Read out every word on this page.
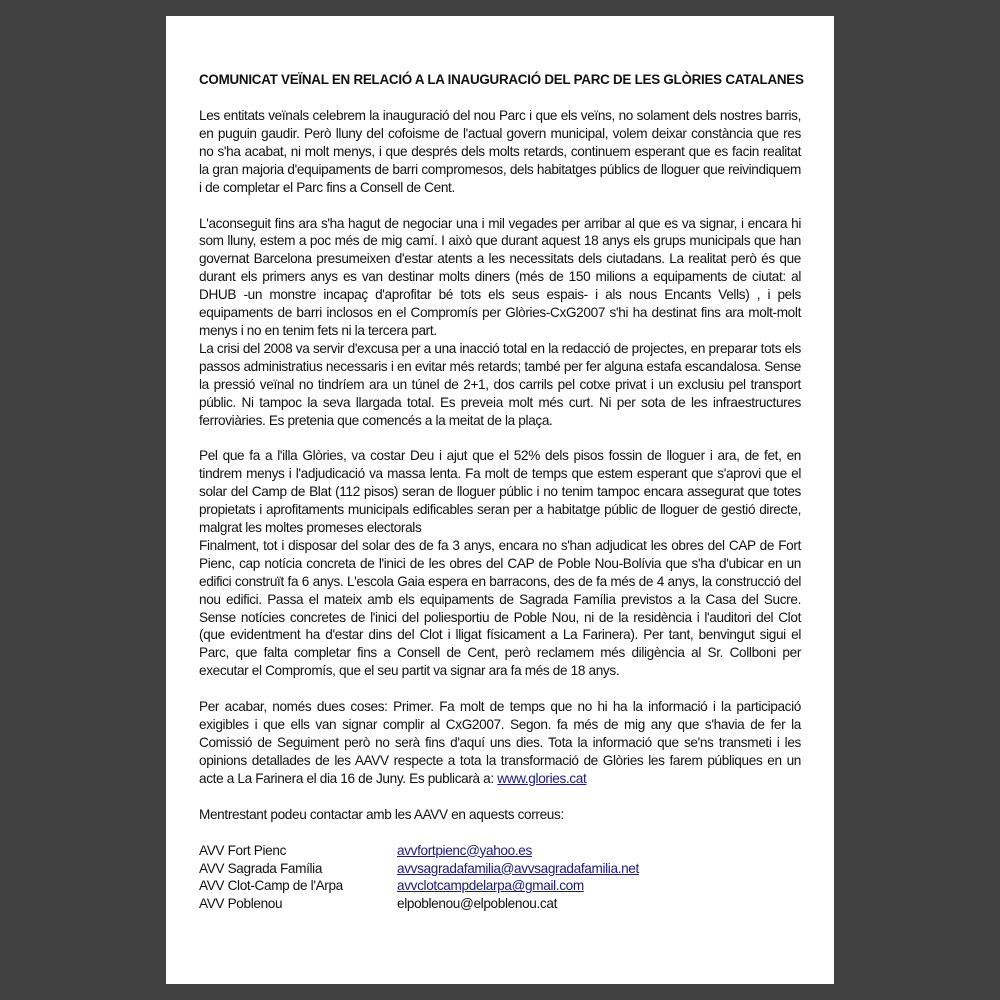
COMUNICAT VEÏNAL EN RELACIÓ A LA INAUGURACIÓ DEL PARC DE LES GLÒRIES CATALANES

Les entitats veïnals celebrem la inauguració del nou Parc i que els veïns, no solament dels nostres barris, en puguin gaudir. Però lluny del cofoisme de l'actual govern municipal, volem deixar constància que res no s'ha acabat, ni molt menys, i que després dels molts retards, continuem esperant que es facin realitat la gran majoria d'equipaments de barri compromesos, dels habitatges públics de lloguer que reivindiquem i de completar el Parc fins a Consell de Cent.

L'aconseguit fins ara s'ha hagut de negociar una i mil vegades per arribar al que es va signar, i encara hi som lluny, estem a poc més de mig camí. I això que durant aquest 18 anys els grups municipals que han governat Barcelona presumeixen d'estar atents a les necessitats dels ciutadans. La realitat però és que durant els primers anys es van destinar molts diners (més de 150 milions a equipaments de ciutat: al DHUB -un monstre incapaç d'aprofitar bé tots els seus espais- i als nous Encants Vells) , i pels equipaments de barri inclosos en el Compromís per Glòries-CxG2007 s'hi ha destinat fins ara molt-molt menys i no en tenim fets ni la tercera part.

La crisi del 2008 va servir d'excusa per a una inacció total en la redacció de projectes, en preparar tots els passos administratius necessaris i en evitar més retards; també per fer alguna estafa escandalosa. Sense la pressió veïnal no tindríem ara un túnel de 2+1, dos carrils pel cotxe privat i un exclusiu pel transport públic. Ni tampoc la seva llargada total. Es preveia molt més curt. Ni per sota de les infraestructures ferroviàries. Es pretenia que comencés a la meitat de la plaça.

Pel que fa a l'illa Glòries, va costar Deu i ajut que el 52% dels pisos fossin de lloguer i ara, de fet, en tindrem menys i l'adjudicació va massa lenta. Fa molt de temps que estem esperant que s'aprovi que el solar del Camp de Blat (112 pisos) seran de lloguer públic i no tenim tampoc encara assegurat que totes propietats i aprofitaments municipals edificables seran per a habitatge públic de lloguer de gestió directe, malgrat les moltes promeses electorals

Finalment, tot i disposar del solar des de fa 3 anys, encara no s'han adjudicat les obres del CAP de Fort Pienc, cap notícia concreta de l'inici de les obres del CAP de Poble Nou-Bolívia que s'ha d'ubicar en un edifici construït fa 6 anys. L'escola Gaia espera en barracons, des de fa més de 4 anys, la construcció del nou edifici. Passa el mateix amb els equipaments de Sagrada Família previstos a la Casa del Sucre. Sense notícies concretes de l'inici del poliesportiu de Poble Nou, ni de la residència i l'auditori del Clot (que evidentment ha d'estar dins del Clot i lligat físicament a La Farinera). Per tant, benvingut sigui el Parc, que falta completar fins a Consell de Cent, però reclamem més diligència al Sr. Collboni per executar el Compromís, que el seu partit va signar ara fa més de 18 anys.

Per acabar, només dues coses: Primer. Fa molt de temps que no hi ha la informació i la participació exigibles i que ells van signar complir al CxG2007. Segon. fa més de mig any que s'havia de fer la Comissió de Seguiment però no serà fins d'aquí uns dies. Tota la informació que se'ns transmeti i les opinions detallades de les AAVV respecte a tota la transformació de Glòries les farem públiques en un acte a La Farinera el dia 16 de Juny. Es publicarà a: www.glories.cat

Mentrestant podeu contactar amb les AAVV en aquests correus:

AVV Fort Pienc	avvfortpienc@yahoo.es
AVV Sagrada Família	avvsagradafamilia@avvsagradafamilia.net
AVV Clot-Camp de l'Arpa	avvclotcampdelarpa@gmail.com
AVV Poblenou	elpoblenou@elpoblenou.cat
